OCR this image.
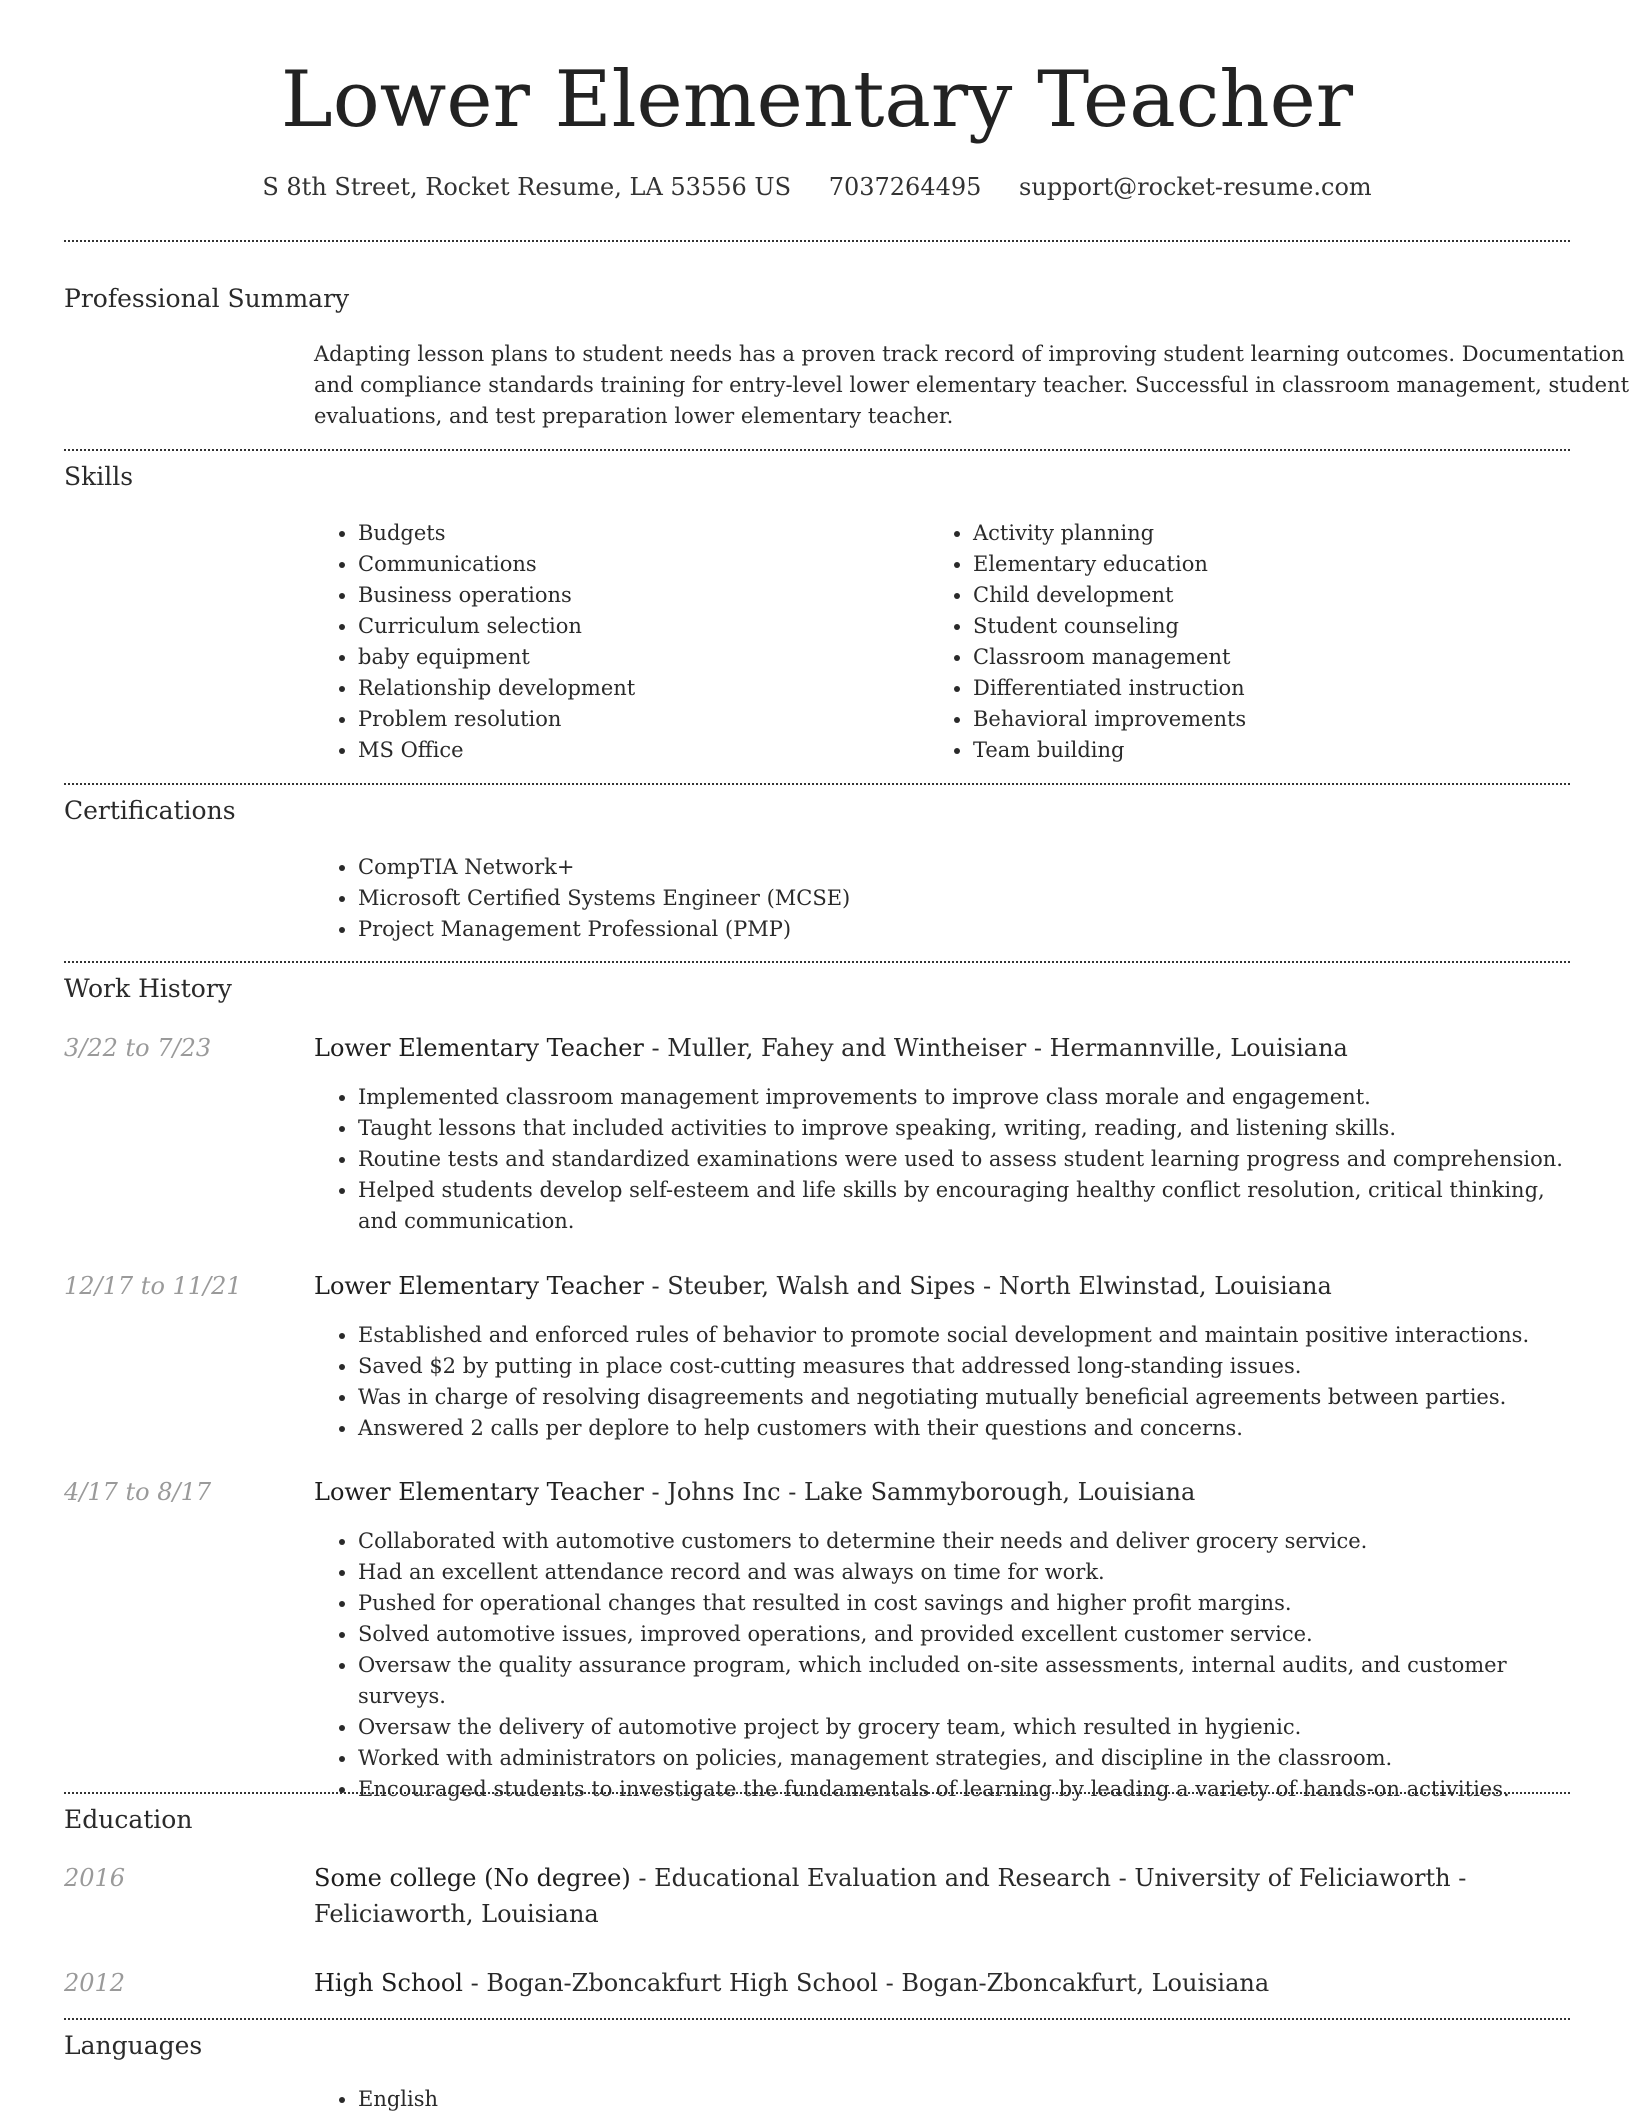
Lower Elementary Teacher
S 8th Street, Rocket Resume, LA 53556 US 7037264495 support@rocket-resume.com
Professional Summary
Adapting lesson plans to student needs has a proven track record of improving student learning outcomes. Documentation and compliance standards training for entry-level lower elementary teacher. Successful in classroom management, student evaluations, and test preparation lower elementary teacher.
Skills
• Budgets
• Communications
• Business operations
• Curriculum selection
• baby equipment
• Relationship development
• Problem resolution
• MS Office
• Activity planning
• Elementary education
• Child development
• Student counseling
• Classroom management
• Differentiated instruction
• Behavioral improvements
• Team building
Certifications
• CompTIA Network+
• Microsoft Certified Systems Engineer (MCSE)
• Project Management Professional (PMP)
Work History
3/22 to 7/23	Lower Elementary Teacher - Muller, Fahey and Wintheiser - Hermannville, Louisiana
• Implemented classroom management improvements to improve class morale and engagement.
• Taught lessons that included activities to improve speaking, writing, reading, and listening skills.
• Routine tests and standardized examinations were used to assess student learning progress and comprehension.
• Helped students develop self-esteem and life skills by encouraging healthy conflict resolution, critical thinking, and communication.
12/17 to 11/21	Lower Elementary Teacher - Steuber, Walsh and Sipes - North Elwinstad, Louisiana
• Established and enforced rules of behavior to promote social development and maintain positive interactions.
• Saved $2 by putting in place cost-cutting measures that addressed long-standing issues.
• Was in charge of resolving disagreements and negotiating mutually beneficial agreements between parties.
• Answered 2 calls per deplore to help customers with their questions and concerns.
4/17 to 8/17	Lower Elementary Teacher - Johns Inc - Lake Sammyborough, Louisiana
• Collaborated with automotive customers to determine their needs and deliver grocery service.
• Had an excellent attendance record and was always on time for work.
• Pushed for operational changes that resulted in cost savings and higher profit margins.
• Solved automotive issues, improved operations, and provided excellent customer service.
• Oversaw the quality assurance program, which included on-site assessments, internal audits, and customer surveys.
• Oversaw the delivery of automotive project by grocery team, which resulted in hygienic.
• Worked with administrators on policies, management strategies, and discipline in the classroom.
• Encouraged students to investigate the fundamentals of learning by leading a variety of hands-on activities.
Education
2016	Some college (No degree) - Educational Evaluation and Research - University of Feliciaworth - Feliciaworth, Louisiana
2012	High School - Bogan-Zboncakfurt High School - Bogan-Zboncakfurt, Louisiana
Languages
• English
